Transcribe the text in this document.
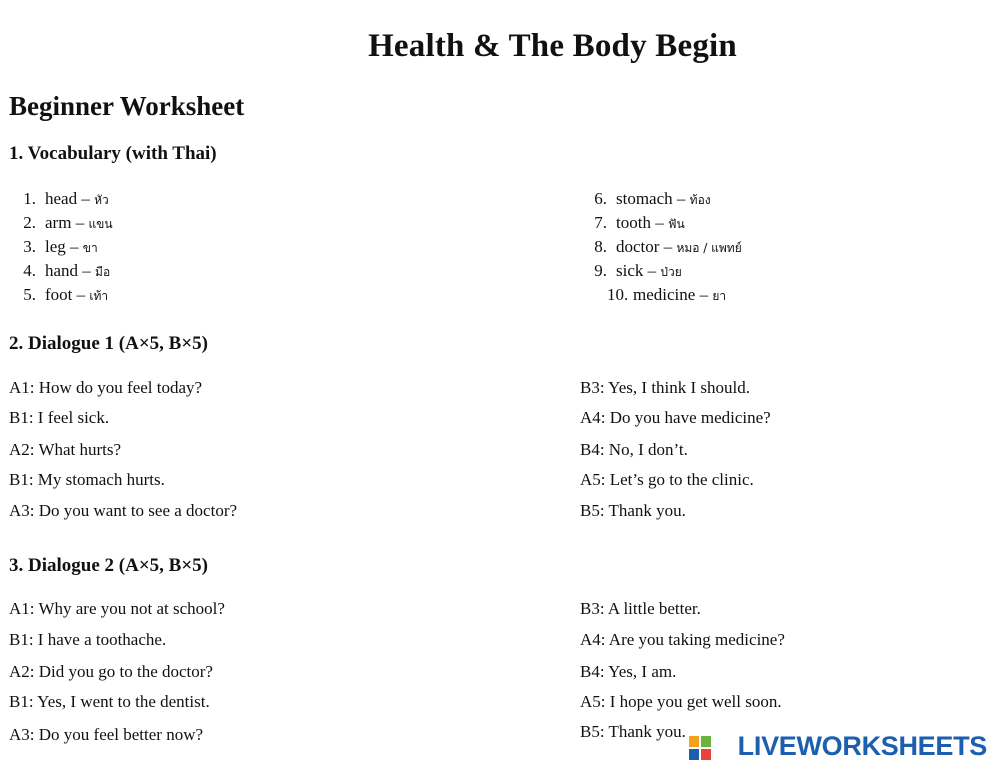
Health & The Body Begin
Beginner Worksheet
1. Vocabulary (with Thai)
1. head – หัว
2. arm – แขน
3. leg – ขา
4. hand – มือ
5. foot – เท้า
6. stomach – ท้อง
7. tooth – ฟัน
8. doctor – หมอ / แพทย์
9. sick – ป่วย
10. medicine – ยา
2. Dialogue 1 (A×5, B×5)
A1: How do you feel today?
B1: I feel sick.
A2: What hurts?
B1: My stomach hurts.
A3: Do you want to see a doctor?
B3: Yes, I think I should.
A4: Do you have medicine?
B4: No, I don’t.
A5: Let’s go to the clinic.
B5: Thank you.
3. Dialogue 2 (A×5, B×5)
A1: Why are you not at school?
B1: I have a toothache.
A2: Did you go to the doctor?
B1: Yes, I went to the dentist.
A3: Do you feel better now?
B3: A little better.
A4: Are you taking medicine?
B4: Yes, I am.
A5: I hope you get well soon.
B5: Thank you. LIVEWORKSHEETS
